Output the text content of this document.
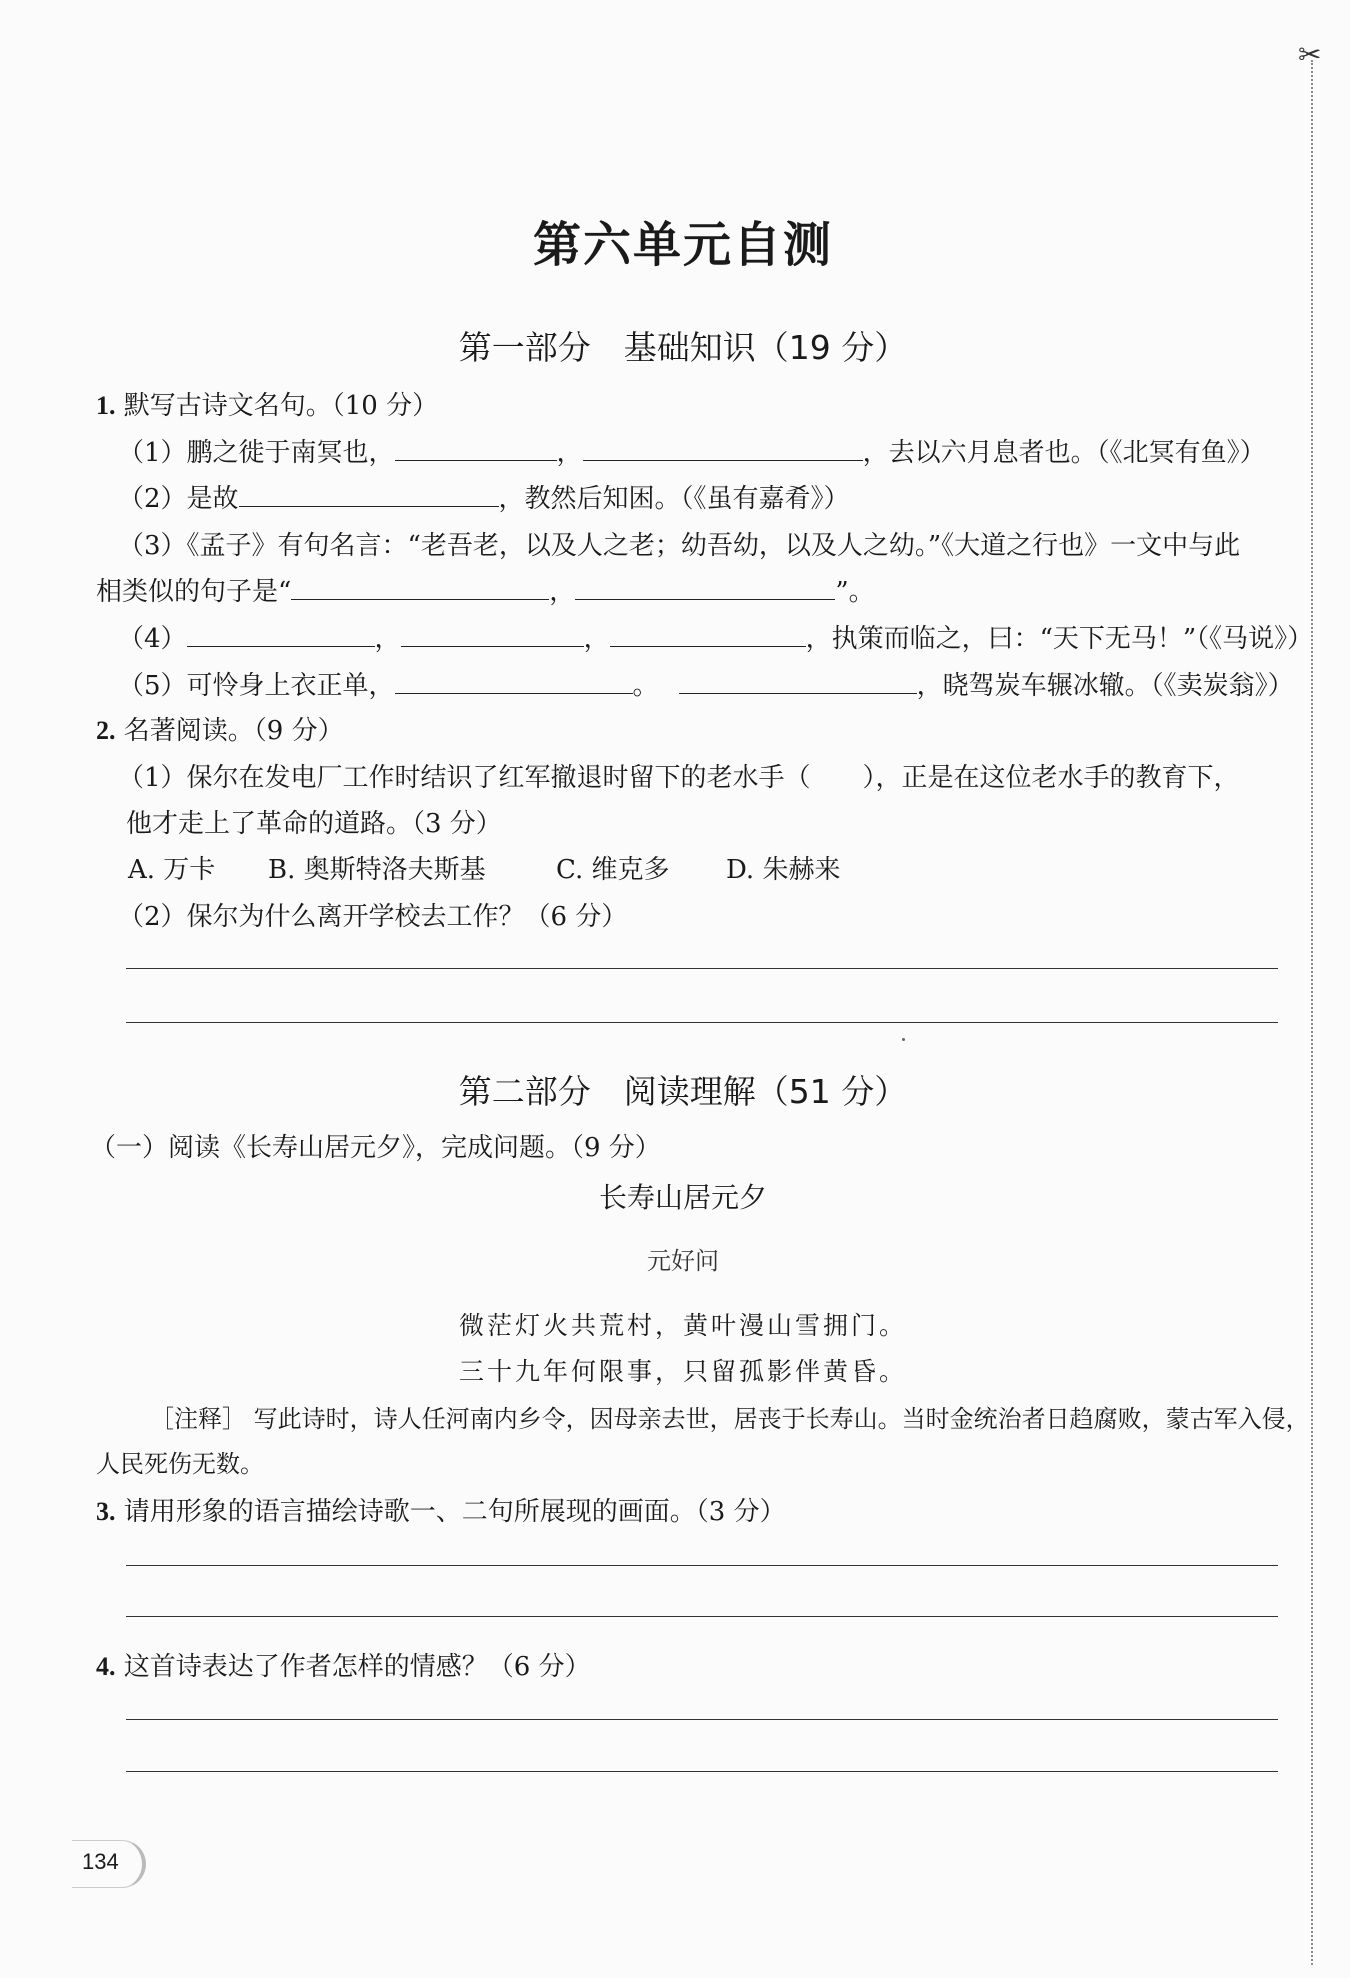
✂
第六单元自测
第一部分　基础知识（19 分）
1. 默写古诗文名句。（10 分）
（1）鹏之徙于南冥也，	，	，去以六月息者也。（《北冥有鱼》）
（2）是故	，教然后知困。（《虽有嘉肴》）
（3）《孟子》有句名言：“老吾老，以及人之老；幼吾幼，以及人之幼。”《大道之行也》一文中与此
相类似的句子是“	，	”。
（4）	，	，	，执策而临之，曰：“天下无马！”（《马说》）
（5）可怜身上衣正单，	。	，晓驾炭车辗冰辙。（《卖炭翁》）
2. 名著阅读。（9 分）
（1）保尔在发电厂工作时结识了红军撤退时留下的老水手（　　），正是在这位老水手的教育下，
他才走上了革命的道路。（3 分）
A. 万卡 B. 奥斯特洛夫斯基	C. 维克多 D. 朱赫来
（2）保尔为什么离开学校去工作？（6 分）
第二部分　阅读理解（51 分）
（一）阅读《长寿山居元夕》，完成问题。（9 分）
长寿山居元夕
元好问
微茫灯火共荒村，黄叶漫山雪拥门。
三十九年何限事，只留孤影伴黄昏。
［注释］ 写此诗时，诗人任河南内乡令，因母亲去世，居丧于长寿山。当时金统治者日趋腐败，蒙古军入侵，
人民死伤无数。
3. 请用形象的语言描绘诗歌一、二句所展现的画面。（3 分）
4. 这首诗表达了作者怎样的情感？（6 分）
134
